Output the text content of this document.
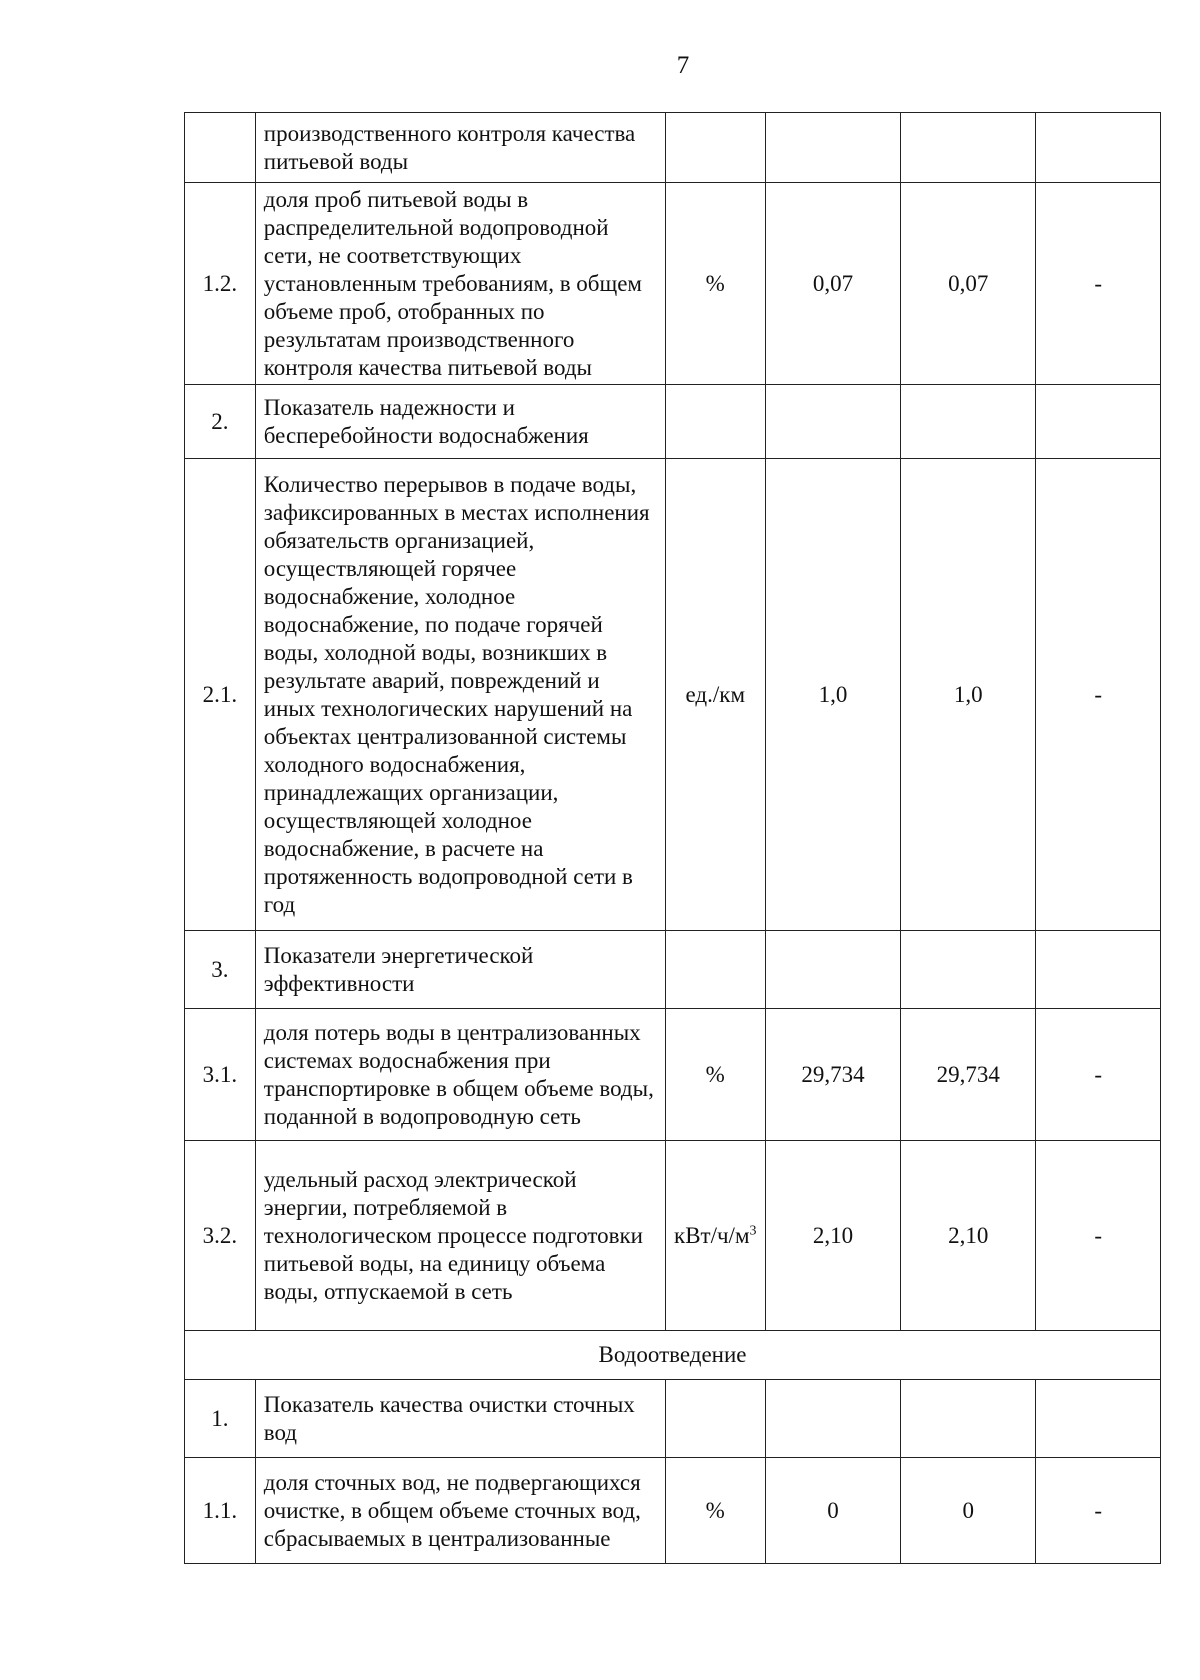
7
	производственного контроля качества питьевой воды				
1.2.	доля проб питьевой воды в распределительной водопроводной сети, не соответствующих установленным требованиям, в общем объеме проб, отобранных по результатам производственного контроля качества питьевой воды	%	0,07	0,07	-
2.	Показатель надежности и бесперебойности водоснабжения				
2.1.	Количество перерывов в подаче воды, зафиксированных в местах исполнения обязательств организацией, осуществляющей горячее водоснабжение, холодное водоснабжение, по подаче горячей воды, холодной воды, возникших в результате аварий, повреждений и иных технологических нарушений на объектах централизованной системы холодного водоснабжения, принадлежащих организации, осуществляющей холодное водоснабжение, в расчете на протяженность водопроводной сети в год	ед./км	1,0	1,0	-
3.	Показатели энергетической эффективности				
3.1.	доля потерь воды в централизованных системах водоснабжения при транспортировке в общем объеме воды, поданной в водопроводную сеть	%	29,734	29,734	-
3.2.	удельный расход электрической энергии, потребляемой в технологическом процессе подготовки питьевой воды, на единицу объема воды, отпускаемой в сеть	кВт/$ч/м^3$	2,10	2,10	-
Водоотведение					
1.	Показатель качества очистки сточных вод				
1.1.	доля сточных вод, не подвергающихся очистке, в общем объеме сточных вод, сбрасываемых в централизованные	%	0	0	-
